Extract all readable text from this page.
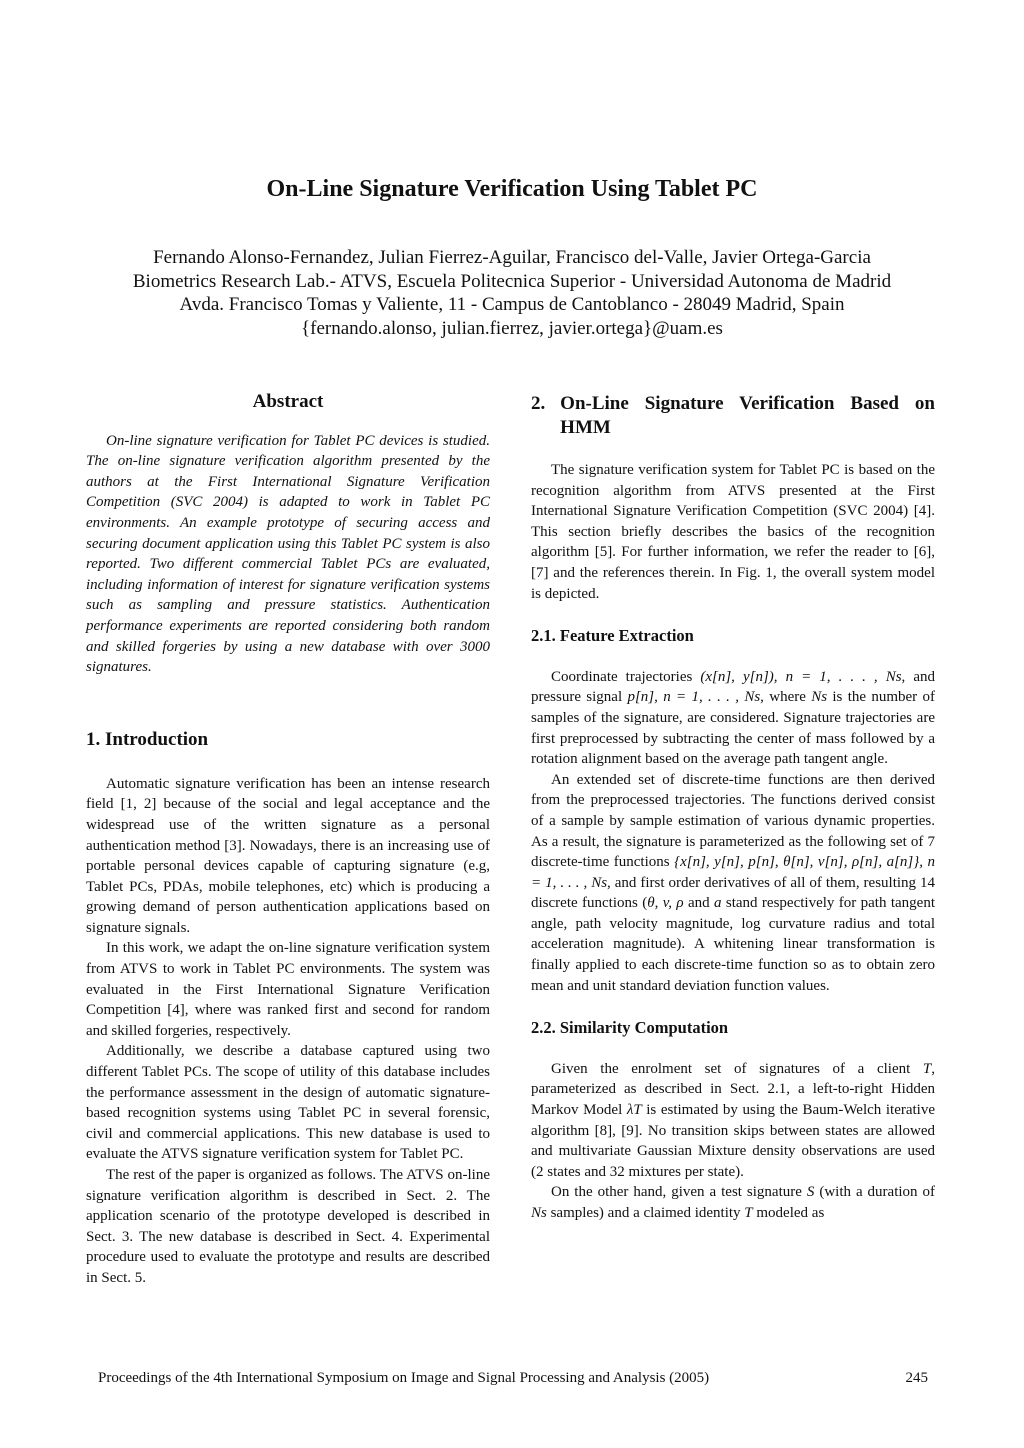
On-Line Signature Verification Using Tablet PC
Fernando Alonso-Fernandez, Julian Fierrez-Aguilar, Francisco del-Valle, Javier Ortega-Garcia
Biometrics Research Lab.- ATVS, Escuela Politecnica Superior - Universidad Autonoma de Madrid
Avda. Francisco Tomas y Valiente, 11 - Campus de Cantoblanco - 28049 Madrid, Spain
{fernando.alonso, julian.fierrez, javier.ortega}@uam.es
Abstract

On-line signature verification for Tablet PC devices is studied. The on-line signature verification algorithm presented by the authors at the First International Signature Verification Competition (SVC 2004) is adapted to work in Tablet PC environments. An example prototype of securing access and securing document application using this Tablet PC system is also reported. Two different commercial Tablet PCs are evaluated, including information of interest for signature verification systems such as sampling and pressure statistics. Authentication performance experiments are reported considering both random and skilled forgeries by using a new database with over 3000 signatures.

1. Introduction

Automatic signature verification has been an intense research field [1, 2] because of the social and legal acceptance and the widespread use of the written signature as a personal authentication method [3]. Nowadays, there is an increasing use of portable personal devices capable of capturing signature (e.g, Tablet PCs, PDAs, mobile telephones, etc) which is producing a growing demand of person authentication applications based on signature signals.

In this work, we adapt the on-line signature verification system from ATVS to work in Tablet PC environments. The system was evaluated in the First International Signature Verification Competition [4], where was ranked first and second for random and skilled forgeries, respectively.

Additionally, we describe a database captured using two different Tablet PCs. The scope of utility of this database includes the performance assessment in the design of automatic signature-based recognition systems using Tablet PC in several forensic, civil and commercial applications. This new database is used to evaluate the ATVS signature verification system for Tablet PC.

The rest of the paper is organized as follows. The ATVS on-line signature verification algorithm is described in Sect. 2. The application scenario of the prototype developed is described in Sect. 3. The new database is described in Sect. 4. Experimental procedure used to evaluate the prototype and results are described in Sect. 5.

2. On-Line Signature Verification Based on HMM

The signature verification system for Tablet PC is based on the recognition algorithm from ATVS presented at the First International Signature Verification Competition (SVC 2004) [4]. This section briefly describes the basics of the recognition algorithm [5]. For further information, we refer the reader to [6], [7] and the references therein. In Fig. 1, the overall system model is depicted.

2.1. Feature Extraction

Coordinate trajectories (x[n], y[n]), n = 1, . . . , Ns, and pressure signal p[n], n = 1, . . . , Ns, where Ns is the number of samples of the signature, are considered. Signature trajectories are first preprocessed by subtracting the center of mass followed by a rotation alignment based on the average path tangent angle.

An extended set of discrete-time functions are then derived from the preprocessed trajectories. The functions derived consist of a sample by sample estimation of various dynamic properties. As a result, the signature is parameterized as the following set of 7 discrete-time functions {x[n], y[n], p[n], θ[n], v[n], ρ[n], a[n]}, n = 1, . . . , Ns, and first order derivatives of all of them, resulting 14 discrete functions (θ, v, ρ and a stand respectively for path tangent angle, path velocity magnitude, log curvature radius and total acceleration magnitude). A whitening linear transformation is finally applied to each discrete-time function so as to obtain zero mean and unit standard deviation function values.

2.2. Similarity Computation

Given the enrolment set of signatures of a client T, parameterized as described in Sect. 2.1, a left-to-right Hidden Markov Model λT is estimated by using the Baum-Welch iterative algorithm [8], [9]. No transition skips between states are allowed and multivariate Gaussian Mixture density observations are used (2 states and 32 mixtures per state).

On the other hand, given a test signature S (with a duration of Ns samples) and a claimed identity T modeled as

Proceedings of the 4th International Symposium on Image and Signal Processing and Analysis (2005)	245
